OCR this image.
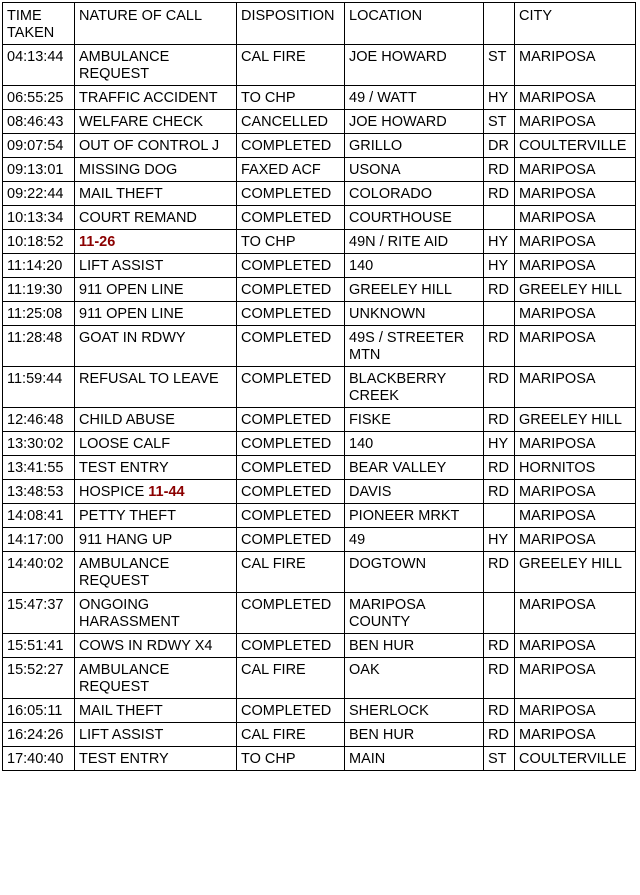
TIME TAKEN	NATURE OF CALL	DISPOSITION	LOCATION		CITY
04:13:44	AMBULANCE REQUEST	CAL FIRE	JOE HOWARD	ST	MARIPOSA
06:55:25	TRAFFIC ACCIDENT	TO CHP	49 / WATT	HY	MARIPOSA
08:46:43	WELFARE CHECK	CANCELLED	JOE HOWARD	ST	MARIPOSA
09:07:54	OUT OF CONTROL J	COMPLETED	GRILLO	DR	COULTERVILLE
09:13:01	MISSING DOG	FAXED ACF	USONA	RD	MARIPOSA
09:22:44	MAIL THEFT	COMPLETED	COLORADO	RD	MARIPOSA
10:13:34	COURT REMAND	COMPLETED	COURTHOUSE		MARIPOSA
10:18:52	11-26	TO CHP	49N / RITE AID	HY	MARIPOSA
11:14:20	LIFT ASSIST	COMPLETED	140	HY	MARIPOSA
11:19:30	911 OPEN LINE	COMPLETED	GREELEY HILL	RD	GREELEY HILL
11:25:08	911 OPEN LINE	COMPLETED	UNKNOWN		MARIPOSA
11:28:48	GOAT IN RDWY	COMPLETED	49S / STREETER MTN	RD	MARIPOSA
11:59:44	REFUSAL TO LEAVE	COMPLETED	BLACKBERRY CREEK	RD	MARIPOSA
12:46:48	CHILD ABUSE	COMPLETED	FISKE	RD	GREELEY HILL
13:30:02	LOOSE CALF	COMPLETED	140	HY	MARIPOSA
13:41:55	TEST ENTRY	COMPLETED	BEAR VALLEY	RD	HORNITOS
13:48:53	HOSPICE 11-44	COMPLETED	DAVIS	RD	MARIPOSA
14:08:41	PETTY THEFT	COMPLETED	PIONEER MRKT		MARIPOSA
14:17:00	911 HANG UP	COMPLETED	49	HY	MARIPOSA
14:40:02	AMBULANCE REQUEST	CAL FIRE	DOGTOWN	RD	GREELEY HILL
15:47:37	ONGOING HARASSMENT	COMPLETED	MARIPOSA COUNTY		MARIPOSA
15:51:41	COWS IN RDWY X4	COMPLETED	BEN HUR	RD	MARIPOSA
15:52:27	AMBULANCE REQUEST	CAL FIRE	OAK	RD	MARIPOSA
16:05:11	MAIL THEFT	COMPLETED	SHERLOCK	RD	MARIPOSA
16:24:26	LIFT ASSIST	CAL FIRE	BEN HUR	RD	MARIPOSA
17:40:40	TEST ENTRY	TO CHP	MAIN	ST	COULTERVILLE
